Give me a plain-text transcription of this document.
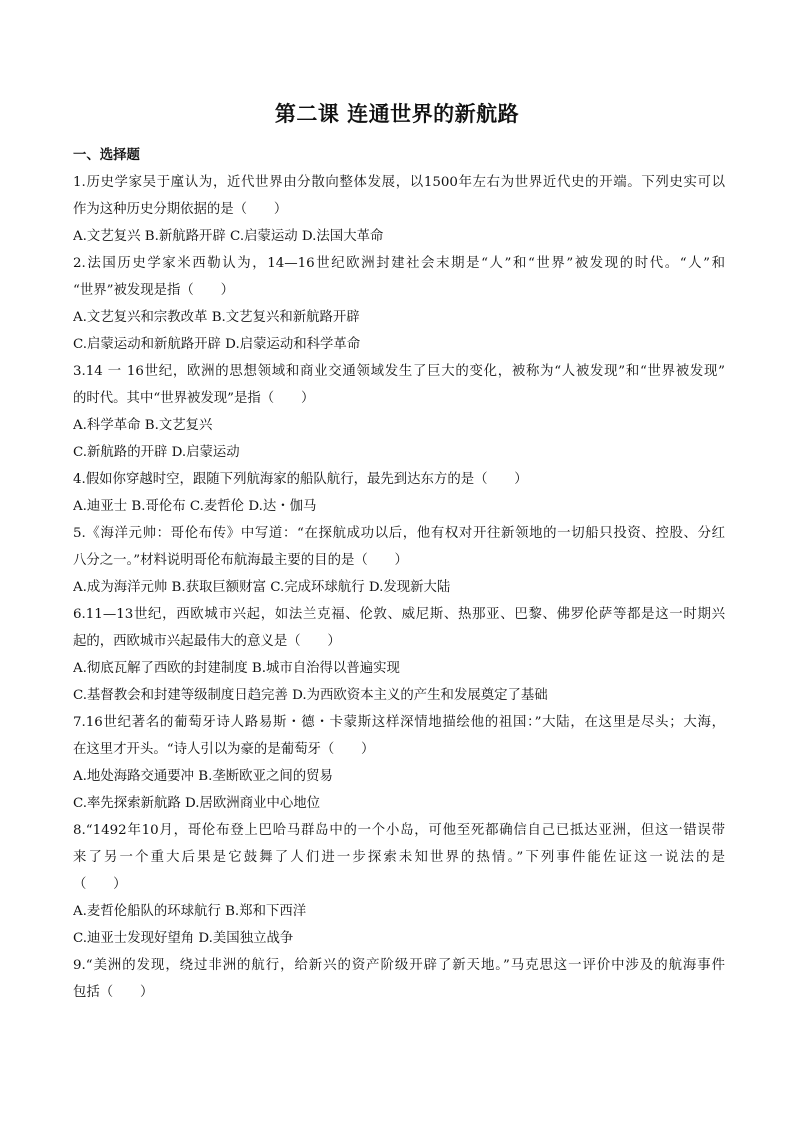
第二课 连通世界的新航路
一、选择题
1.历史学家吴于廑认为，近代世界由分散向整体发展，以1500年左右为世界近代史的开端。下列史实可以
作为这种历史分期依据的是（　　）
A.文艺复兴 B.新航路开辟 C.启蒙运动 D.法国大革命
2.法国历史学家米西勒认为，14—16世纪欧洲封建社会末期是“人”和“世界”被发现的时代。“人”和
“世界”被发现是指（　　）
A.文艺复兴和宗教改革 B.文艺复兴和新航路开辟
C.启蒙运动和新航路开辟 D.启蒙运动和科学革命
3.14 一 16世纪，欧洲的思想领域和商业交通领域发生了巨大的变化，被称为“人被发现”和“世界被发现”
的时代。其中“世界被发现”是指（　　）
A.科学革命 B.文艺复兴
C.新航路的开辟 D.启蒙运动
4.假如你穿越时空，跟随下列航海家的船队航行，最先到达东方的是（　　）
A.迪亚士 B.哥伦布 C.麦哲伦 D.达・伽马
5.《海洋元帅：哥伦布传》中写道：“在探航成功以后，他有权对开往新领地的一切船只投资、控股、分红
八分之一。”材料说明哥伦布航海最主要的目的是（　　）
A.成为海洋元帅 B.获取巨额财富 C.完成环球航行 D.发现新大陆
6.11—13世纪，西欧城市兴起，如法兰克福、伦敦、威尼斯、热那亚、巴黎、佛罗伦萨等都是这一时期兴
起的，西欧城市兴起最伟大的意义是（　　）
A.彻底瓦解了西欧的封建制度 B.城市自治得以普遍实现
C.基督教会和封建等级制度日趋完善 D.为西欧资本主义的产生和发展奠定了基础
7.16世纪著名的葡萄牙诗人路易斯・德・卡蒙斯这样深情地描绘他的祖国：”大陆，在这里是尽头；大海，
在这里才开头。“诗人引以为豪的是葡萄牙（　　）
A.地处海路交通要冲 B.垄断欧亚之间的贸易
C.率先探索新航路 D.居欧洲商业中心地位
8.“1492年10月，哥伦布登上巴哈马群岛中的一个小岛，可他至死都确信自己已抵达亚洲，但这一错误带
来了另一个重大后果是它鼓舞了人们进一步探索未知世界的热情。”下列事件能佐证这一说法的是
（　　）
A.麦哲伦船队的环球航行 B.郑和下西洋
C.迪亚士发现好望角 D.美国独立战争
9.“美洲的发现，绕过非洲的航行，给新兴的资产阶级开辟了新天地。”马克思这一评价中涉及的航海事件
包括（　　）
